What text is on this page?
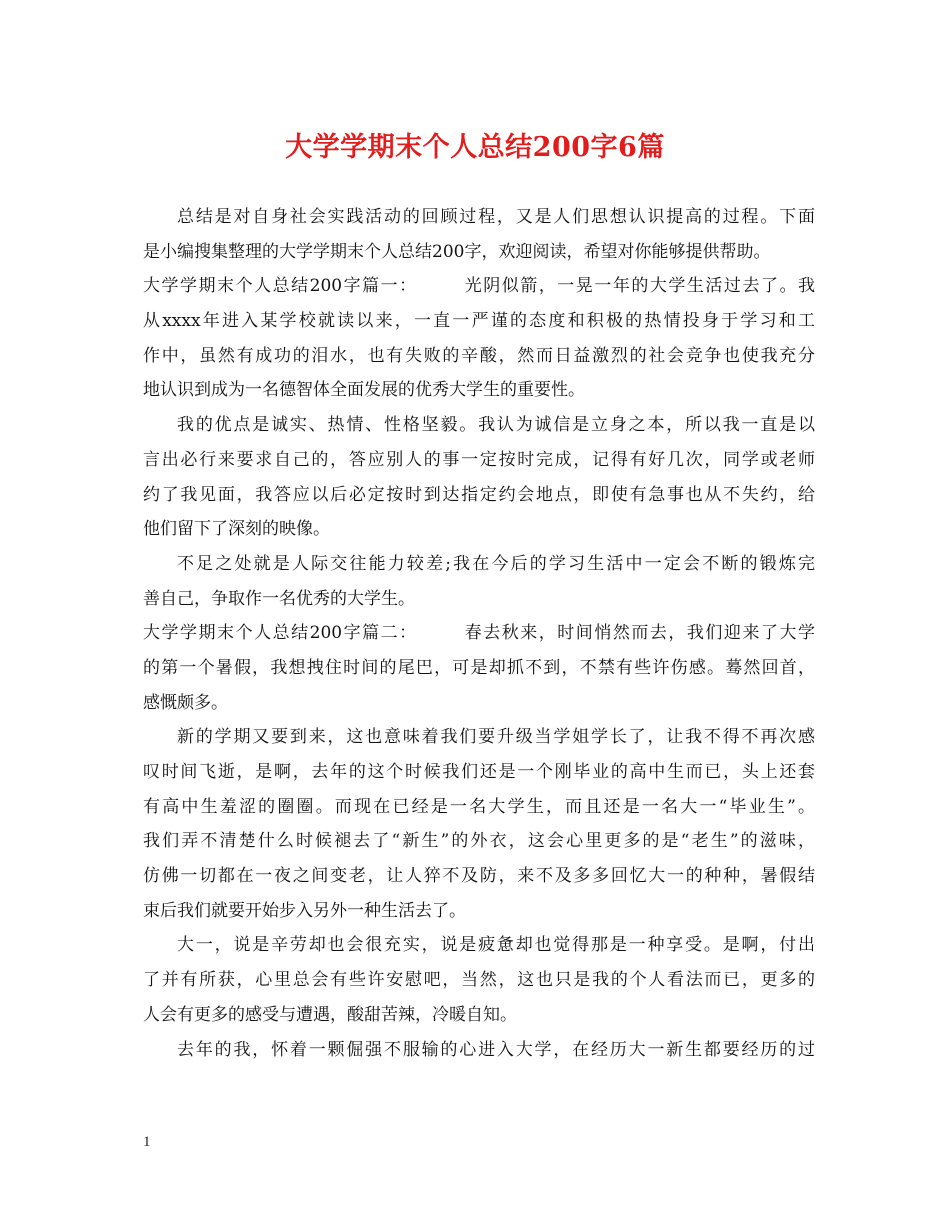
大学学期末个人总结200字6篇
总结是对自身社会实践活动的回顾过程，又是人们思想认识提高的过程。下面
是小编搜集整理的大学学期末个人总结200字，欢迎阅读，希望对你能够提供帮助。
大学学期末个人总结200字篇一：　　　光阴似箭，一晃一年的大学生活过去了。我
从xxxx年进入某学校就读以来，一直一严谨的态度和积极的热情投身于学习和工
作中，虽然有成功的泪水，也有失败的辛酸，然而日益激烈的社会竞争也使我充分
地认识到成为一名德智体全面发展的优秀大学生的重要性。
我的优点是诚实、热情、性格坚毅。我认为诚信是立身之本，所以我一直是以
言出必行来要求自己的，答应别人的事一定按时完成，记得有好几次，同学或老师
约了我见面，我答应以后必定按时到达指定约会地点，即使有急事也从不失约，给
他们留下了深刻的映像。
不足之处就是人际交往能力较差;我在今后的学习生活中一定会不断的锻炼完
善自己，争取作一名优秀的大学生。
大学学期末个人总结200字篇二：　　　春去秋来，时间悄然而去，我们迎来了大学
的第一个暑假，我想拽住时间的尾巴，可是却抓不到，不禁有些许伤感。蓦然回首，
感慨颇多。
新的学期又要到来，这也意味着我们要升级当学姐学长了，让我不得不再次感
叹时间飞逝，是啊，去年的这个时候我们还是一个刚毕业的高中生而已，头上还套
有高中生羞涩的圈圈。而现在已经是一名大学生，而且还是一名大一“毕业生”。
我们弄不清楚什么时候褪去了“新生”的外衣，这会心里更多的是“老生”的滋味，
仿佛一切都在一夜之间变老，让人猝不及防，来不及多多回忆大一的种种，暑假结
束后我们就要开始步入另外一种生活去了。
大一，说是辛劳却也会很充实，说是疲惫却也觉得那是一种享受。是啊，付出
了并有所获，心里总会有些许安慰吧，当然，这也只是我的个人看法而已，更多的
人会有更多的感受与遭遇，酸甜苦辣，冷暖自知。
去年的我，怀着一颗倔强不服输的心进入大学，在经历大一新生都要经历的过
1
